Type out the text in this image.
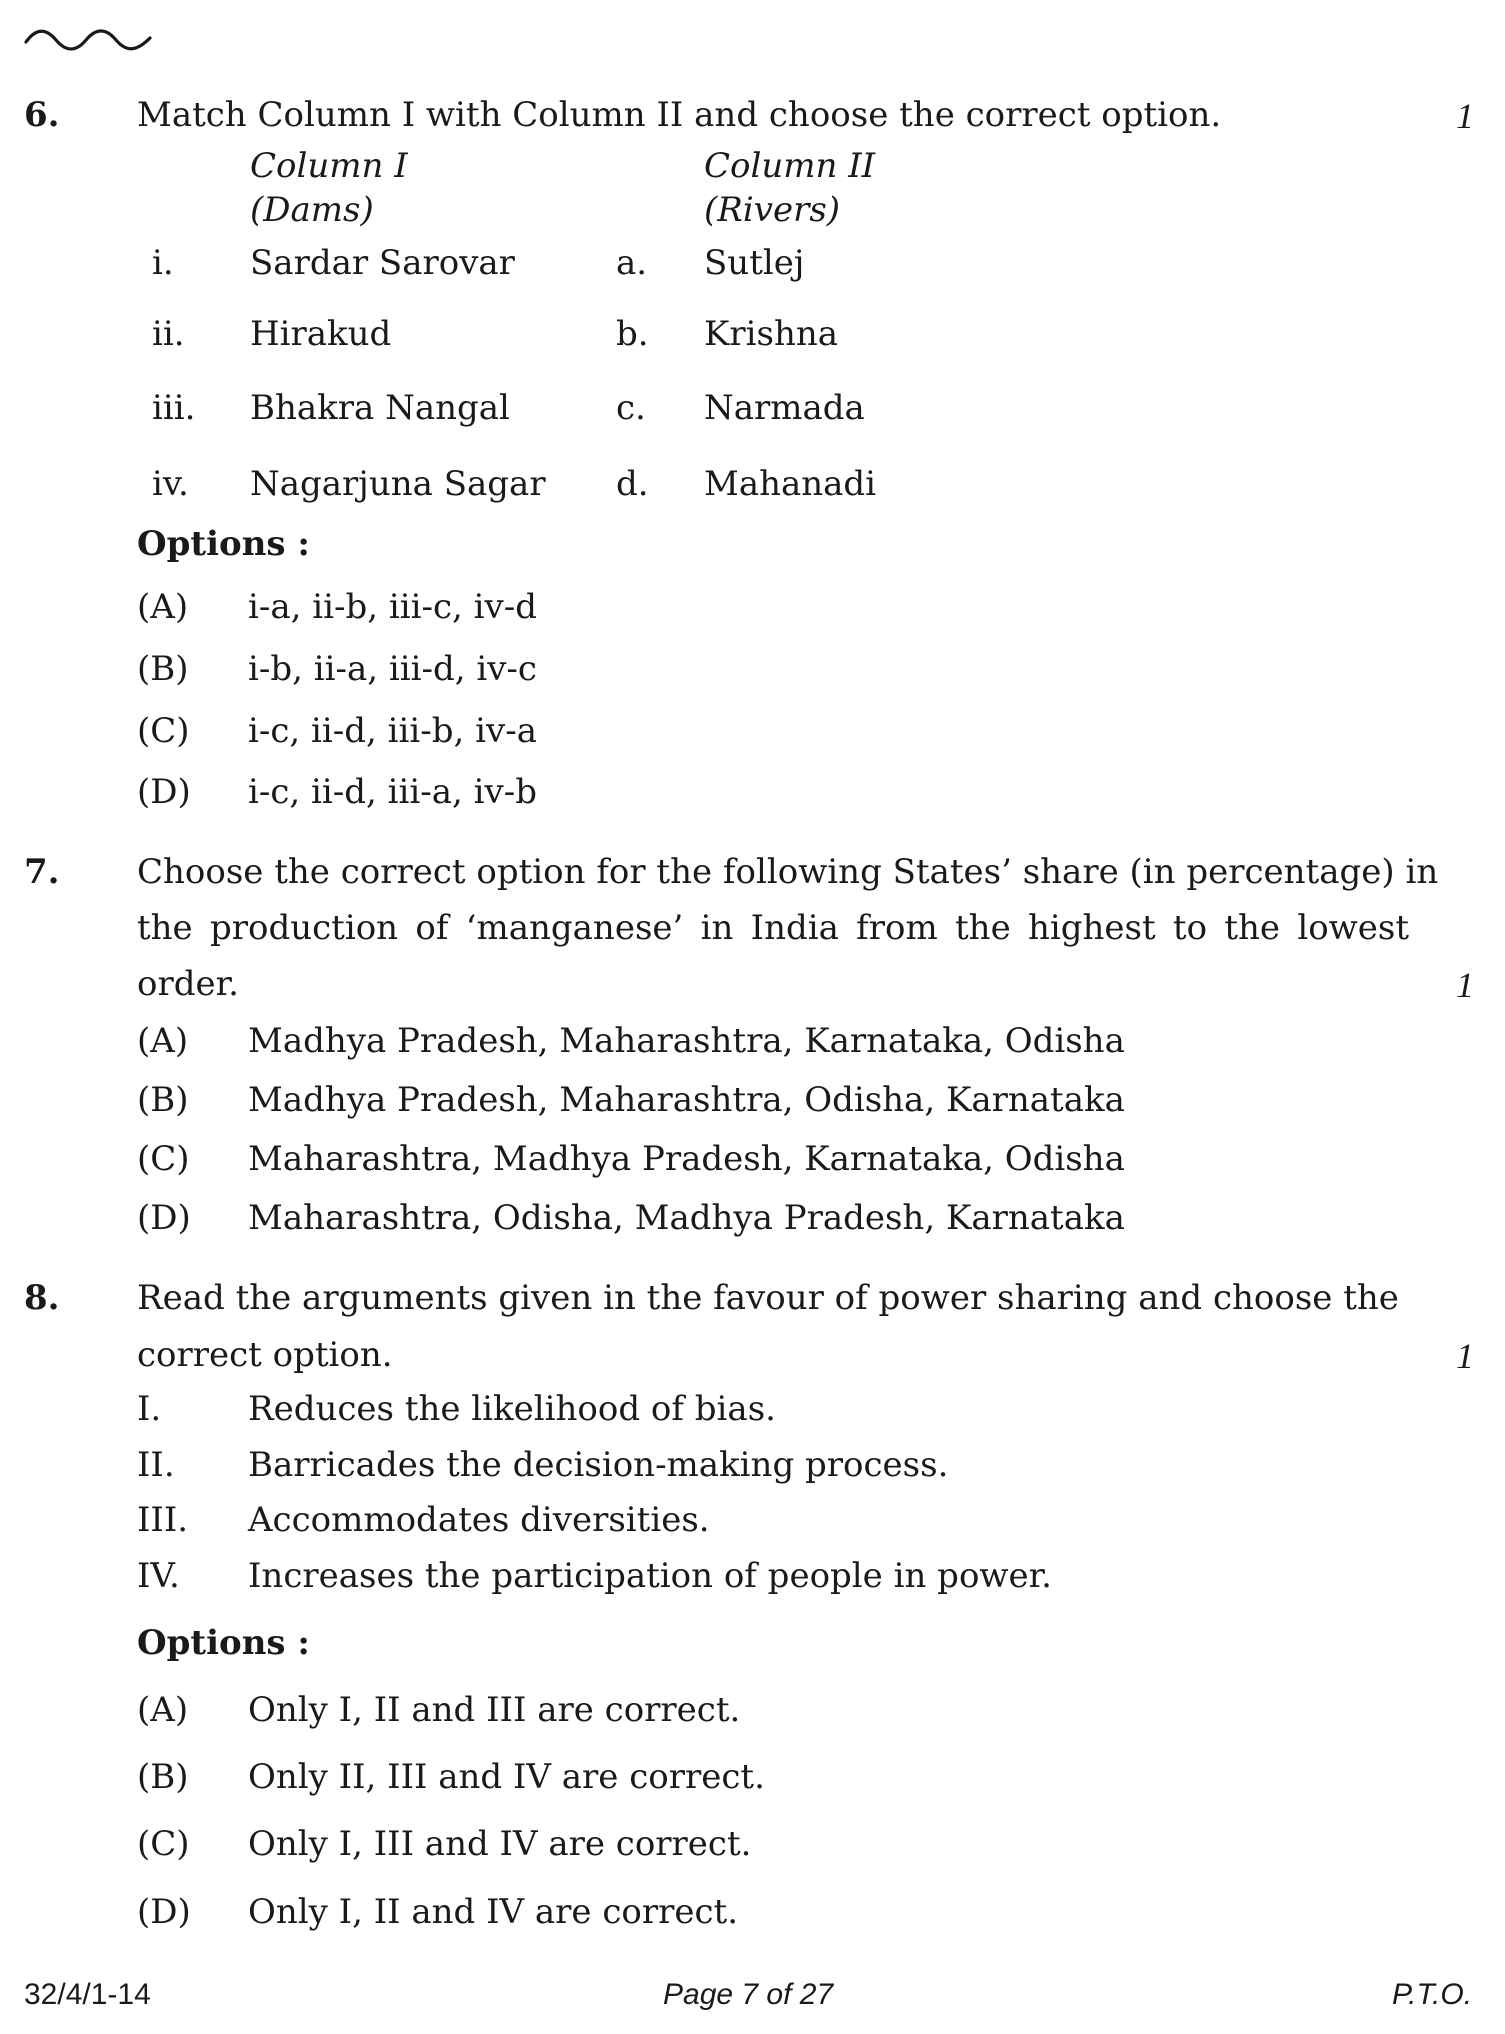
6. Match Column I with Column II and choose the correct option.	1
Column I
(Dams)
Column II
(Rivers)
i. Sardar Sarovar	a. Sutlej
ii. Hirakud	b. Krishna
iii. Bhakra Nangal	c. Narmada
iv. Nagarjuna Sagar d. Mahanadi
Options :
(A) i-a, ii-b, iii-c, iv-d
(B) i-b, ii-a, iii-d, iv-c
(C) i-c, ii-d, iii-b, iv-a
(D) i-c, ii-d, iii-a, iv-b
7. Choose the correct option for the following States’ share (in percentage) in
the production of ‘manganese’ in India from the highest to the lowest
order.	1
(A) Madhya Pradesh, Maharashtra, Karnataka, Odisha
(B) Madhya Pradesh, Maharashtra, Odisha, Karnataka
(C) Maharashtra, Madhya Pradesh, Karnataka, Odisha
(D) Maharashtra, Odisha, Madhya Pradesh, Karnataka
8. Read the arguments given in the favour of power sharing and choose the
correct option.	1
I.	Reduces the likelihood of bias.
II. Barricades the decision-making process.
III. Accommodates diversities.
IV. Increases the participation of people in power.
Options :
(A) Only I, II and III are correct.
(B) Only II, III and IV are correct.
(C) Only I, III and IV are correct.
(D) Only I, II and IV are correct.
32/4/1-14	Page 7 of 27	P.T.O.
